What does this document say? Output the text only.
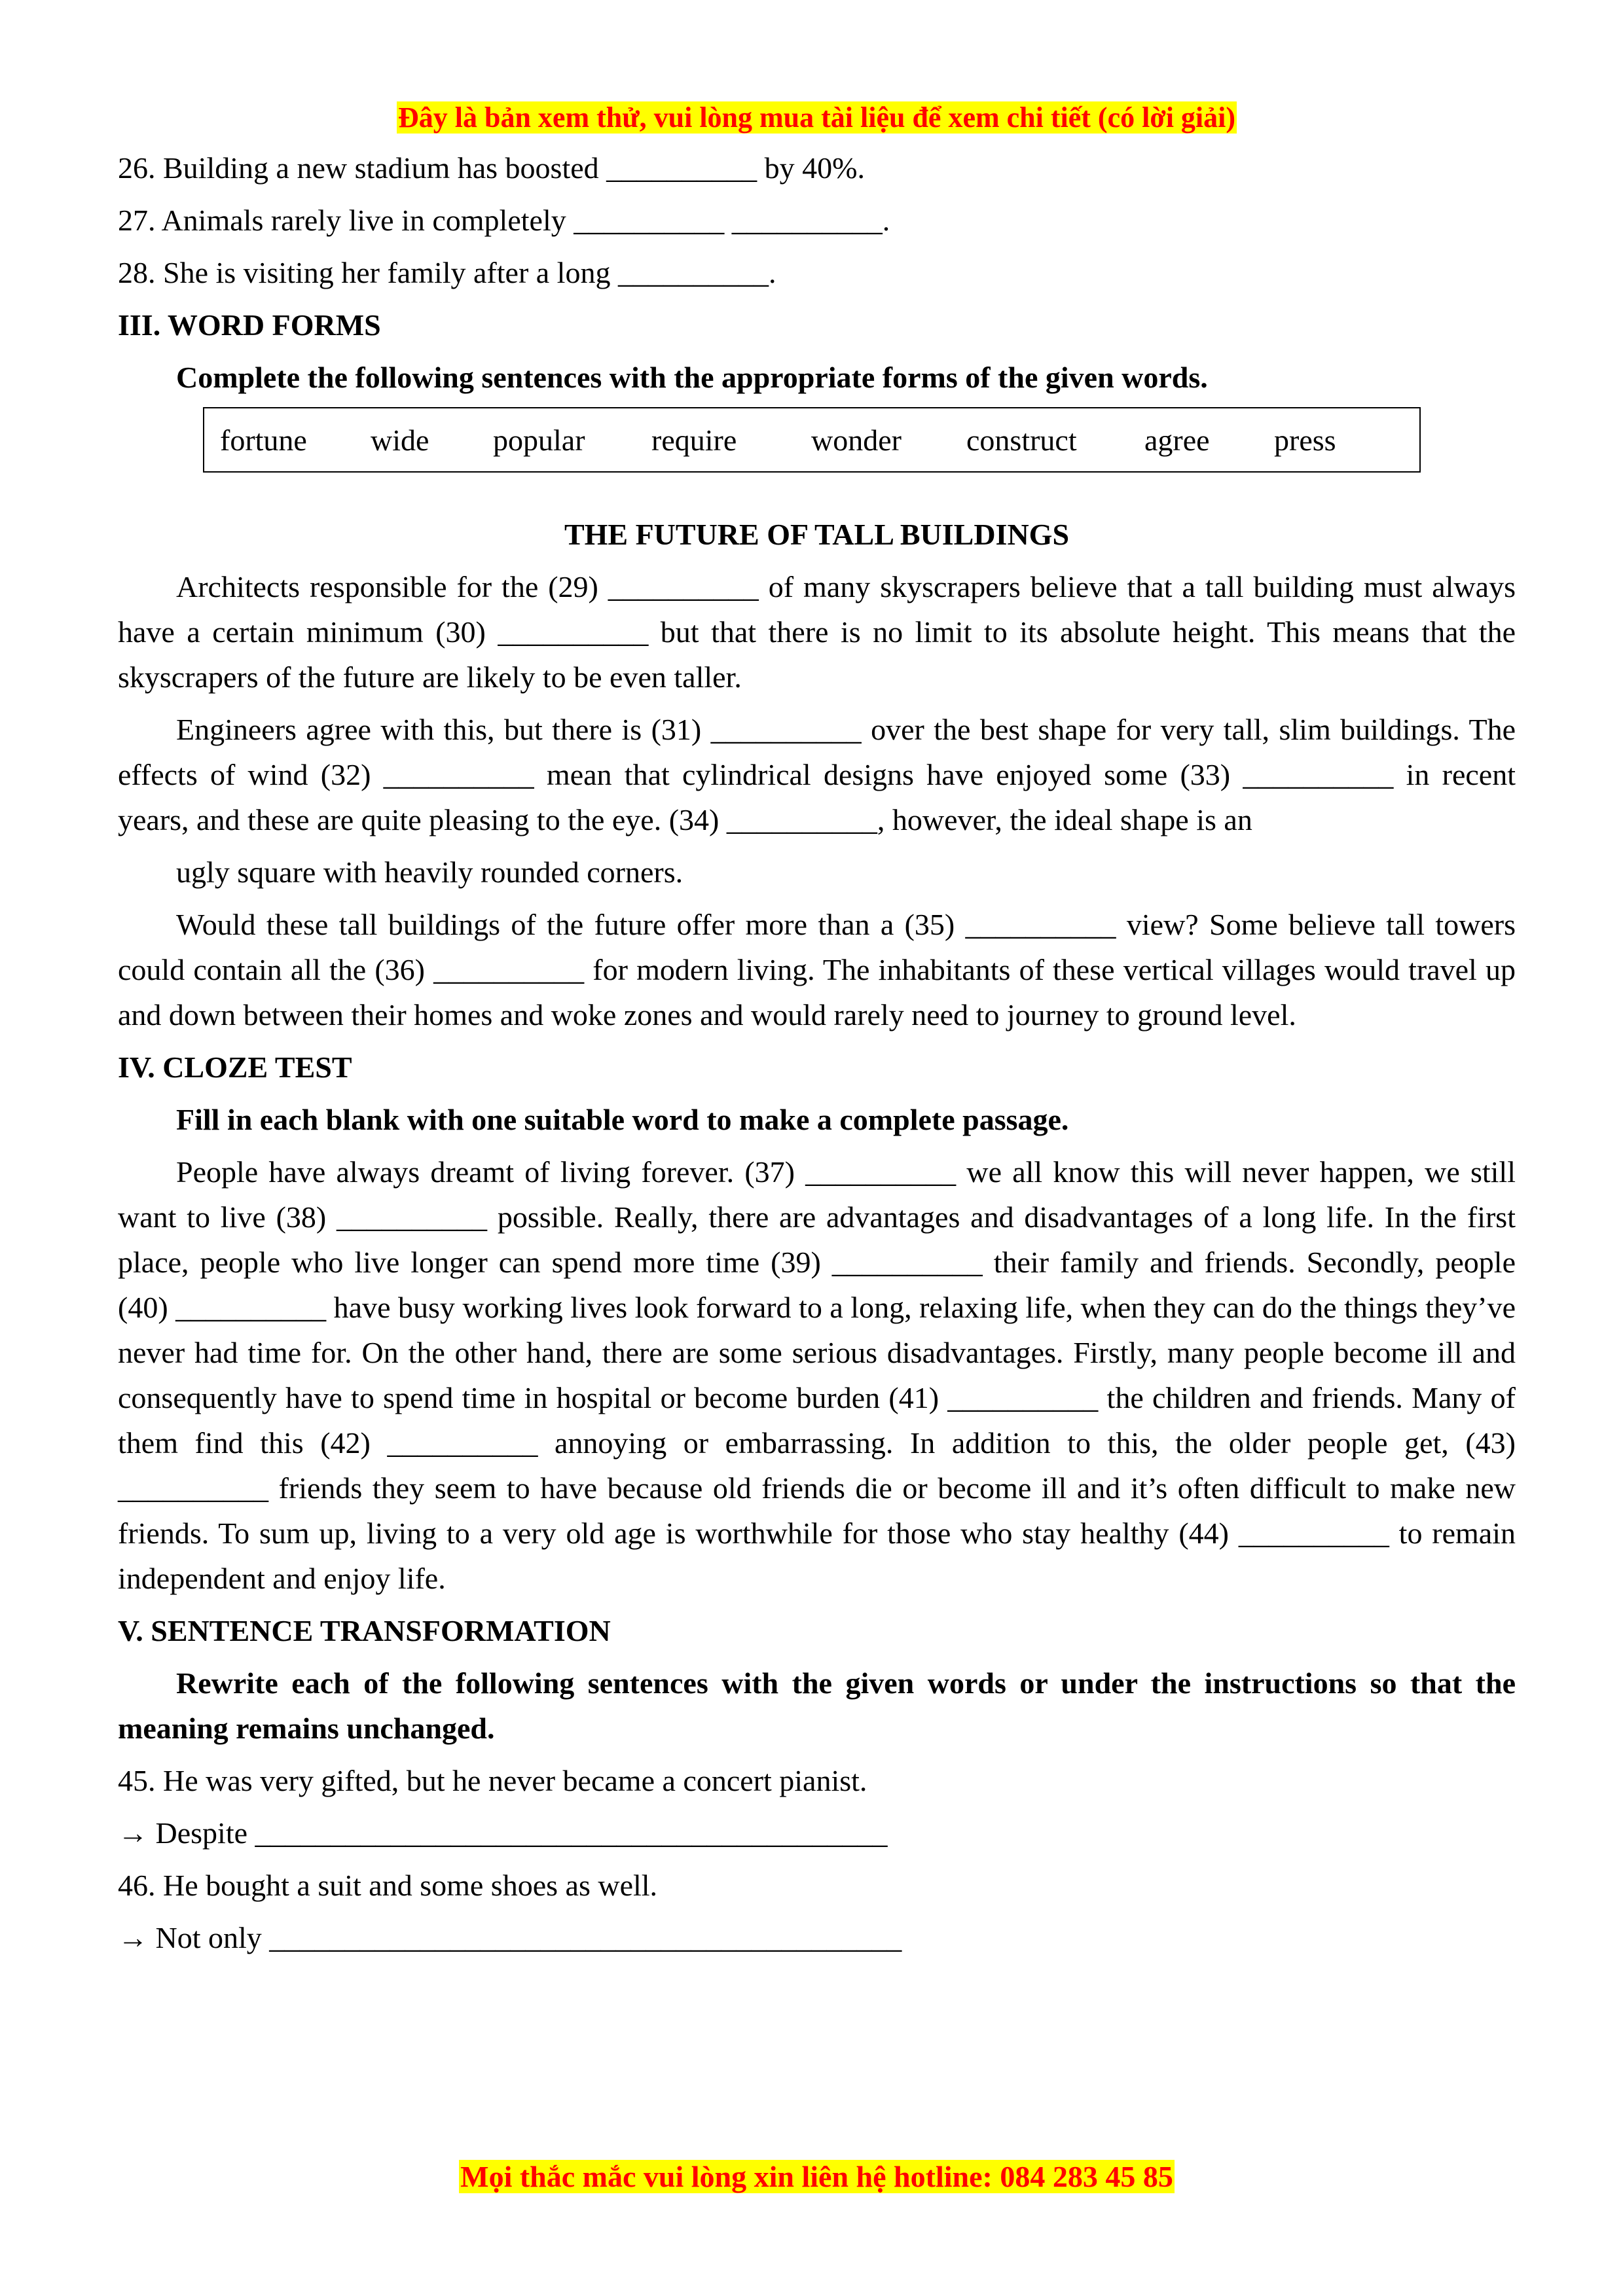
Đây là bản xem thử, vui lòng mua tài liệu để xem chi tiết (có lời giải)

26. Building a new stadium has boosted __________ by 40%.

27. Animals rarely live in completely __________ __________.

28. She is visiting her family after a long __________.

III. WORD FORMS

Complete the following sentences with the appropriate forms of the given words.

fortune	wide	popular	require	wonder	construct	agree	press

THE FUTURE OF TALL BUILDINGS

Architects responsible for the (29) __________ of many skyscrapers believe that a tall building must always have a certain minimum (30) __________ but that there is no limit to its absolute height. This means that the skyscrapers of the future are likely to be even taller.

Engineers agree with this, but there is (31) __________ over the best shape for very tall, slim buildings. The effects of wind (32) __________ mean that cylindrical designs have enjoyed some (33) __________ in recent years, and these are quite pleasing to the eye. (34) __________, however, the ideal shape is an

ugly square with heavily rounded corners.

Would these tall buildings of the future offer more than a (35) __________ view? Some believe tall towers could contain all the (36) __________ for modern living. The inhabitants of these vertical villages would travel up and down between their homes and woke zones and would rarely need to journey to ground level.

IV. CLOZE TEST

Fill in each blank with one suitable word to make a complete passage.

People have always dreamt of living forever. (37) __________ we all know this will never happen, we still want to live (38) __________ possible. Really, there are advantages and disadvantages of a long life. In the first place, people who live longer can spend more time (39) __________ their family and friends. Secondly, people (40) __________ have busy working lives look forward to a long, relaxing life, when they can do the things they’ve never had time for. On the other hand, there are some serious disadvantages. Firstly, many people become ill and consequently have to spend time in hospital or become burden (41) __________ the children and friends. Many of them find this (42) __________ annoying or embarrassing. In addition to this, the older people get, (43) __________ friends they seem to have because old friends die or become ill and it’s often difficult to make new friends. To sum up, living to a very old age is worthwhile for those who stay healthy (44) __________ to remain independent and enjoy life.

V. SENTENCE TRANSFORMATION

Rewrite each of the following sentences with the given words or under the instructions so that the meaning remains unchanged.

45. He was very gifted, but he never became a concert pianist.

→ Despite __________________________________________

46. He bought a suit and some shoes as well.

→ Not only __________________________________________

Mọi thắc mắc vui lòng xin liên hệ hotline: 084 283 45 85
